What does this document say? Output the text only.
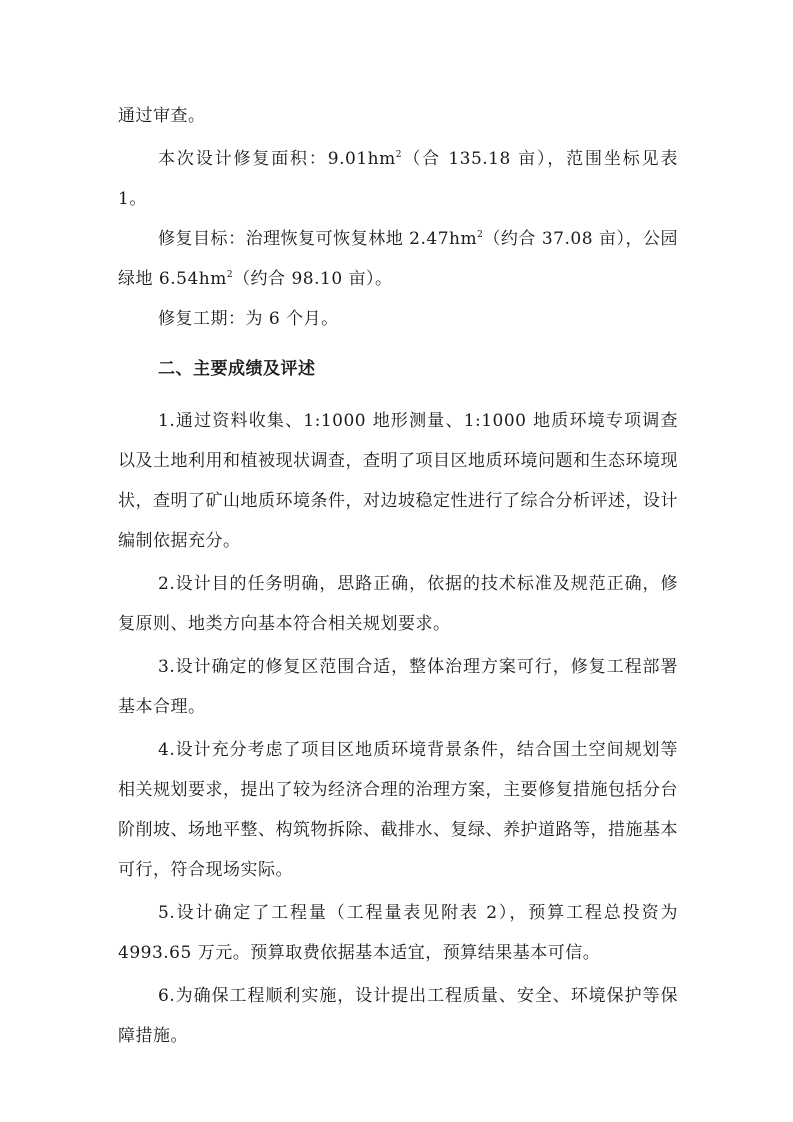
通过审查。

本次设计修复面积：$9.01hm^2$（合 135.18 亩），范围坐标见表 1。

修复目标：治理恢复可恢复林地 $2.47hm^2$（约合 37.08 亩），公园绿地 $6.54hm^2$（约合 98.10 亩）。

修复工期：为 6 个月。

二、主要成绩及评述

1.通过资料收集、1:1000 地形测量、1:1000 地质环境专项调查以及土地利用和植被现状调查，查明了项目区地质环境问题和生态环境现状，查明了矿山地质环境条件，对边坡稳定性进行了综合分析评述，设计编制依据充分。

2.设计目的任务明确，思路正确，依据的技术标准及规范正确，修复原则、地类方向基本符合相关规划要求。

3.设计确定的修复区范围合适，整体治理方案可行，修复工程部署基本合理。

4.设计充分考虑了项目区地质环境背景条件，结合国土空间规划等相关规划要求，提出了较为经济合理的治理方案，主要修复措施包括分台阶削坡、场地平整、构筑物拆除、截排水、复绿、养护道路等，措施基本可行，符合现场实际。

5.设计确定了工程量（工程量表见附表 2），预算工程总投资为 4993.65 万元。预算取费依据基本适宜，预算结果基本可信。

6.为确保工程顺利实施，设计提出工程质量、安全、环境保护等保障措施。
